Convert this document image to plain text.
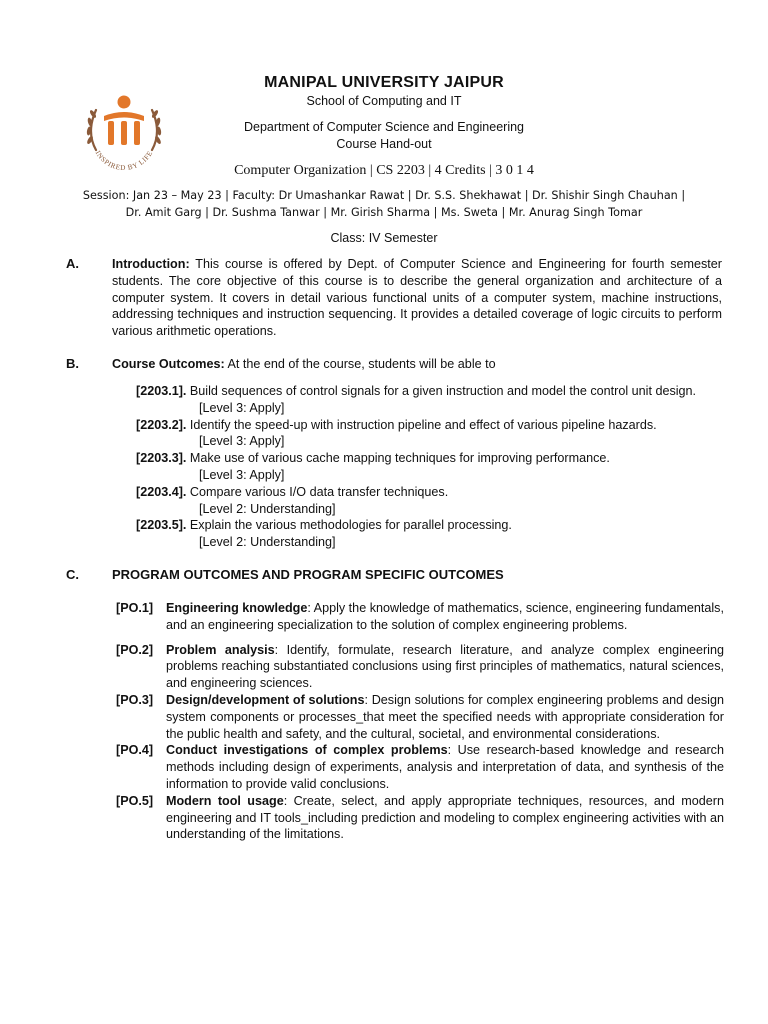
INSPIRED BY LIFE
MANIPAL UNIVERSITY JAIPUR
School of Computing and IT
Department of Computer Science and Engineering
Course Hand-out
Computer Organization | CS 2203 | 4 Credits | 3 0 1 4
Session: Jan 23 – May 23 | Faculty: Dr Umashankar Rawat | Dr. S.S. Shekhawat | Dr. Shishir Singh Chauhan |
Dr. Amit Garg | Dr. Sushma Tanwar | Mr. Girish Sharma | Ms. Sweta | Mr. Anurag Singh Tomar
Class: IV Semester
A.	Introduction: This course is offered by Dept. of Computer Science and Engineering for fourth semester students. The core objective of this course is to describe the general organization and architecture of a computer system. It covers in detail various functional units of a computer system, machine instructions, addressing techniques and instruction sequencing. It provides a detailed coverage of logic circuits to perform various arithmetic operations.
B.	Course Outcomes: At the end of the course, students will be able to
[2203.1]. Build sequences of control signals for a given instruction and model the control unit design.
[Level 3: Apply]
[2203.2]. Identify the speed-up with instruction pipeline and effect of various pipeline hazards.
[Level 3: Apply]
[2203.3]. Make use of various cache mapping techniques for improving performance.
[Level 3: Apply]
[2203.4]. Compare various I/O data transfer techniques.
[Level 2: Understanding]
[2203.5]. Explain the various methodologies for parallel processing.
[Level 2: Understanding]
C.	PROGRAM OUTCOMES AND PROGRAM SPECIFIC OUTCOMES
[PO.1]	Engineering knowledge: Apply the knowledge of mathematics, science, engineering fundamentals, and an engineering specialization to the solution of complex engineering problems.
[PO.2]	Problem analysis: Identify, formulate, research literature, and analyze complex engineering problems reaching substantiated conclusions using first principles of mathematics, natural sciences, and engineering sciences.
[PO.3]	Design/development of solutions: Design solutions for complex engineering problems and design system components or processes_that meet the specified needs with appropriate consideration for the public health and safety, and the cultural, societal, and environmental considerations.
[PO.4]	Conduct investigations of complex problems: Use research-based knowledge and research methods including design of experiments, analysis and interpretation of data, and synthesis of the information to provide valid conclusions.
[PO.5]	Modern tool usage: Create, select, and apply appropriate techniques, resources, and modern engineering and IT tools_including prediction and modeling to complex engineering activities with an understanding of the limitations.
